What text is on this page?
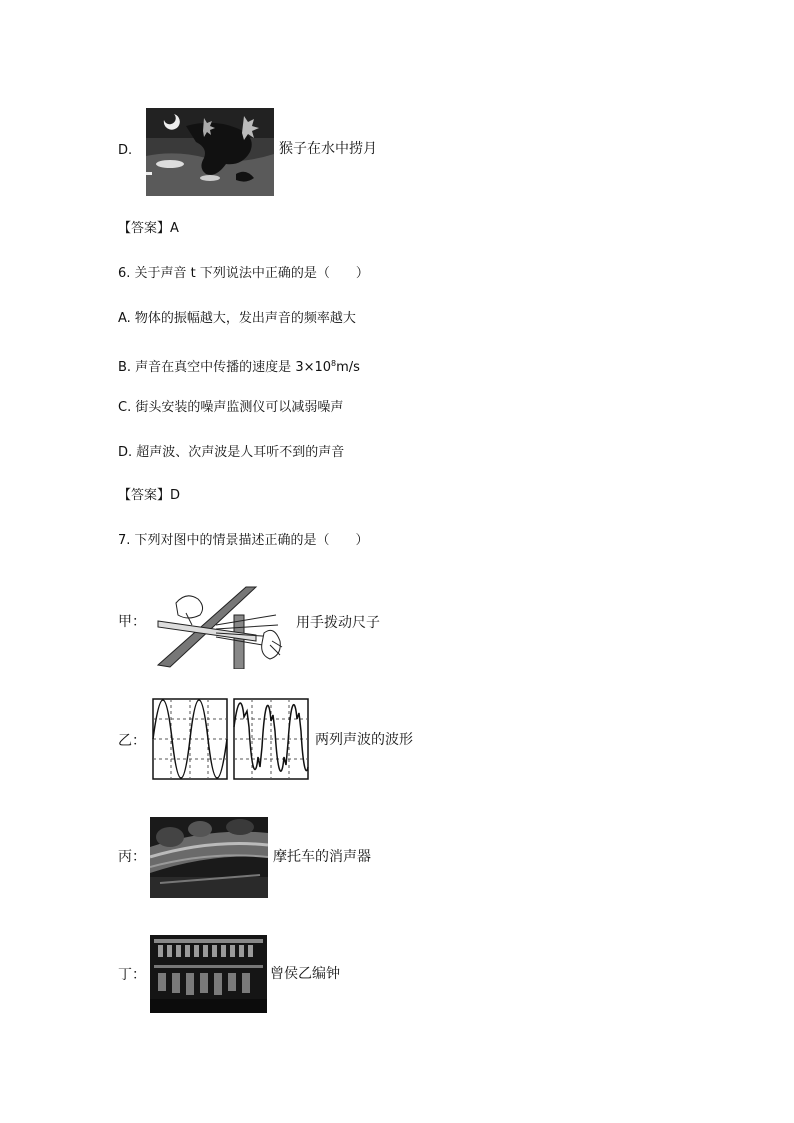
D.	猴子在水中捞月
【答案】A
6. 关于声音 t 下列说法中正确的是（　　）
A. 物体的振幅越大，发出声音的频率越大
B. 声音在真空中传播的速度是 $3\times 10^8m/s$
C. 街头安装的噪声监测仪可以减弱噪声
D. 超声波、次声波是人耳听不到的声音
【答案】D
7. 下列对图中的情景描述正确的是（　　）
甲：	用手拨动尺子
乙：	两列声波的波形
丙：	摩托车的消声器
丁：	曾侯乙编钟
